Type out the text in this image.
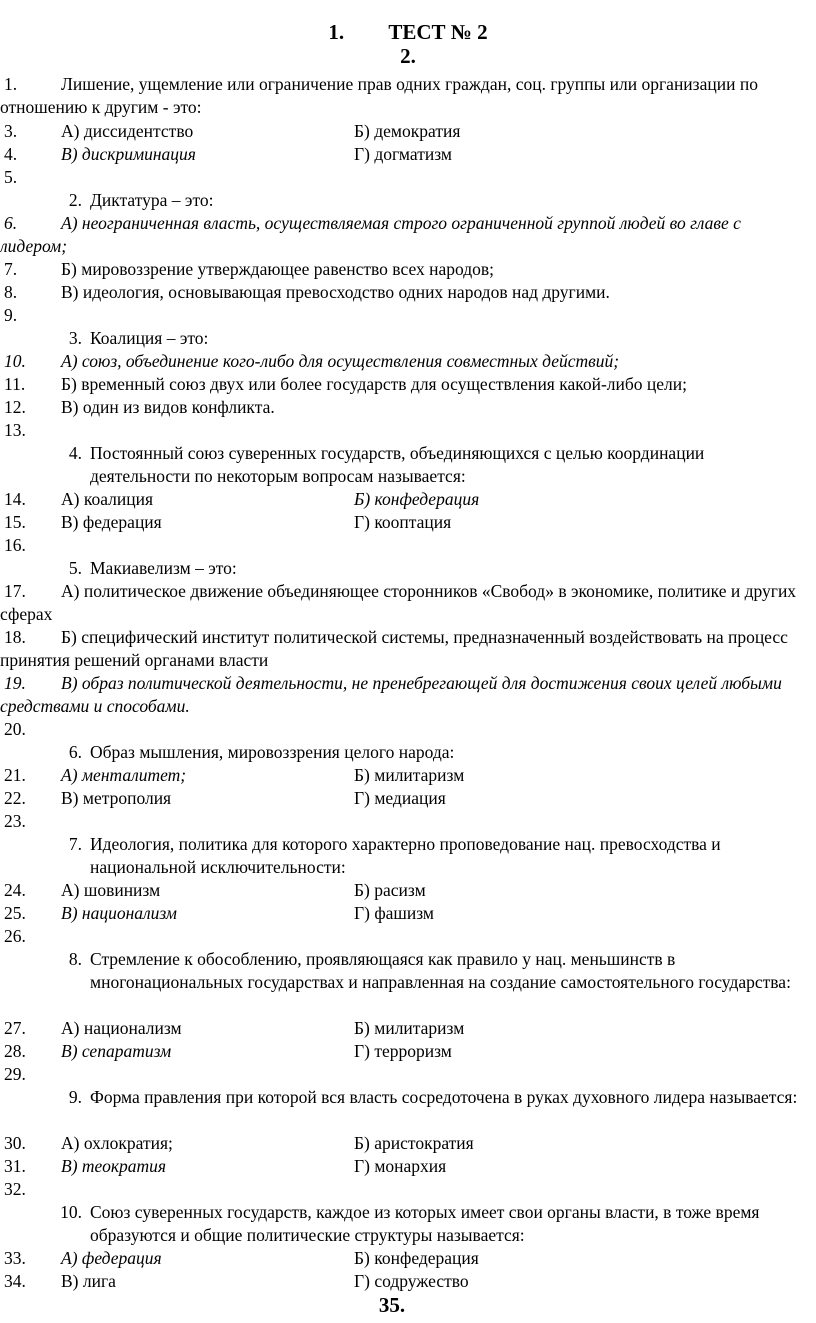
1. ТЕСТ № 2
2.
1.	Лишение, ущемление или ограничение прав одних граждан, соц. группы или организации по отношению к другим - это:
3.	А) диссидентство	Б) демократия
4.	В) дискриминация	Г) догматизм
5.
2. Диктатура – это:
6.	А) неограниченная власть, осуществляемая строго ограниченной группой людей во главе с лидером;
7.	Б) мировоззрение утверждающее равенство всех народов;
8.	В) идеология, основывающая превосходство одних народов над другими.
9.
3. Коалиция – это:
10. А) союз, объединение кого-либо для осуществления совместных действий;
11. Б) временный союз двух или более государств для осуществления какой-либо цели;
12. В) один из видов конфликта.
13.
4. Постоянный союз суверенных государств, объединяющихся с целью координации деятельности по некоторым вопросам называется:
14. А) коалиция	Б) конфедерация
15. В) федерация	Г) кооптация
16.
5. Макиавелизм – это:
17. А) политическое движение объединяющее сторонников «Свобод» в экономике, политике и других сферах
18. Б) специфический институт политической системы, предназначенный воздействовать на процесс принятия решений органами власти
19. В) образ политической деятельности, не пренебрегающей для достижения своих целей любыми средствами и способами.
20.
6. Образ мышления, мировоззрения целого народа:
21. А) менталитет;	Б) милитаризм
22. В) метрополия	Г) медиация
23.
7. Идеология, политика для которого характерно проповедование нац. превосходства и национальной исключительности:
24. А) шовинизм	Б) расизм
25. В) национализм	Г) фашизм
26.
8. Стремление к обособлению, проявляющаяся как правило у нац. меньшинств в многонациональных государствах и направленная на создание самостоятельного государства:
27. А) национализм	Б) милитаризм
28. В) сепаратизм	Г) терроризм
29.
9. Форма правления при которой вся власть сосредоточена в руках духовного лидера называется:
30. А) охлократия;	Б) аристократия
31. В) теократия	Г) монархия
32.
10. Союз суверенных государств, каждое из которых имеет свои органы власти, в тоже время образуются и общие политические структуры называется:
33. А) федерация	Б) конфедерация
34. В) лига	Г) содружество
35.
